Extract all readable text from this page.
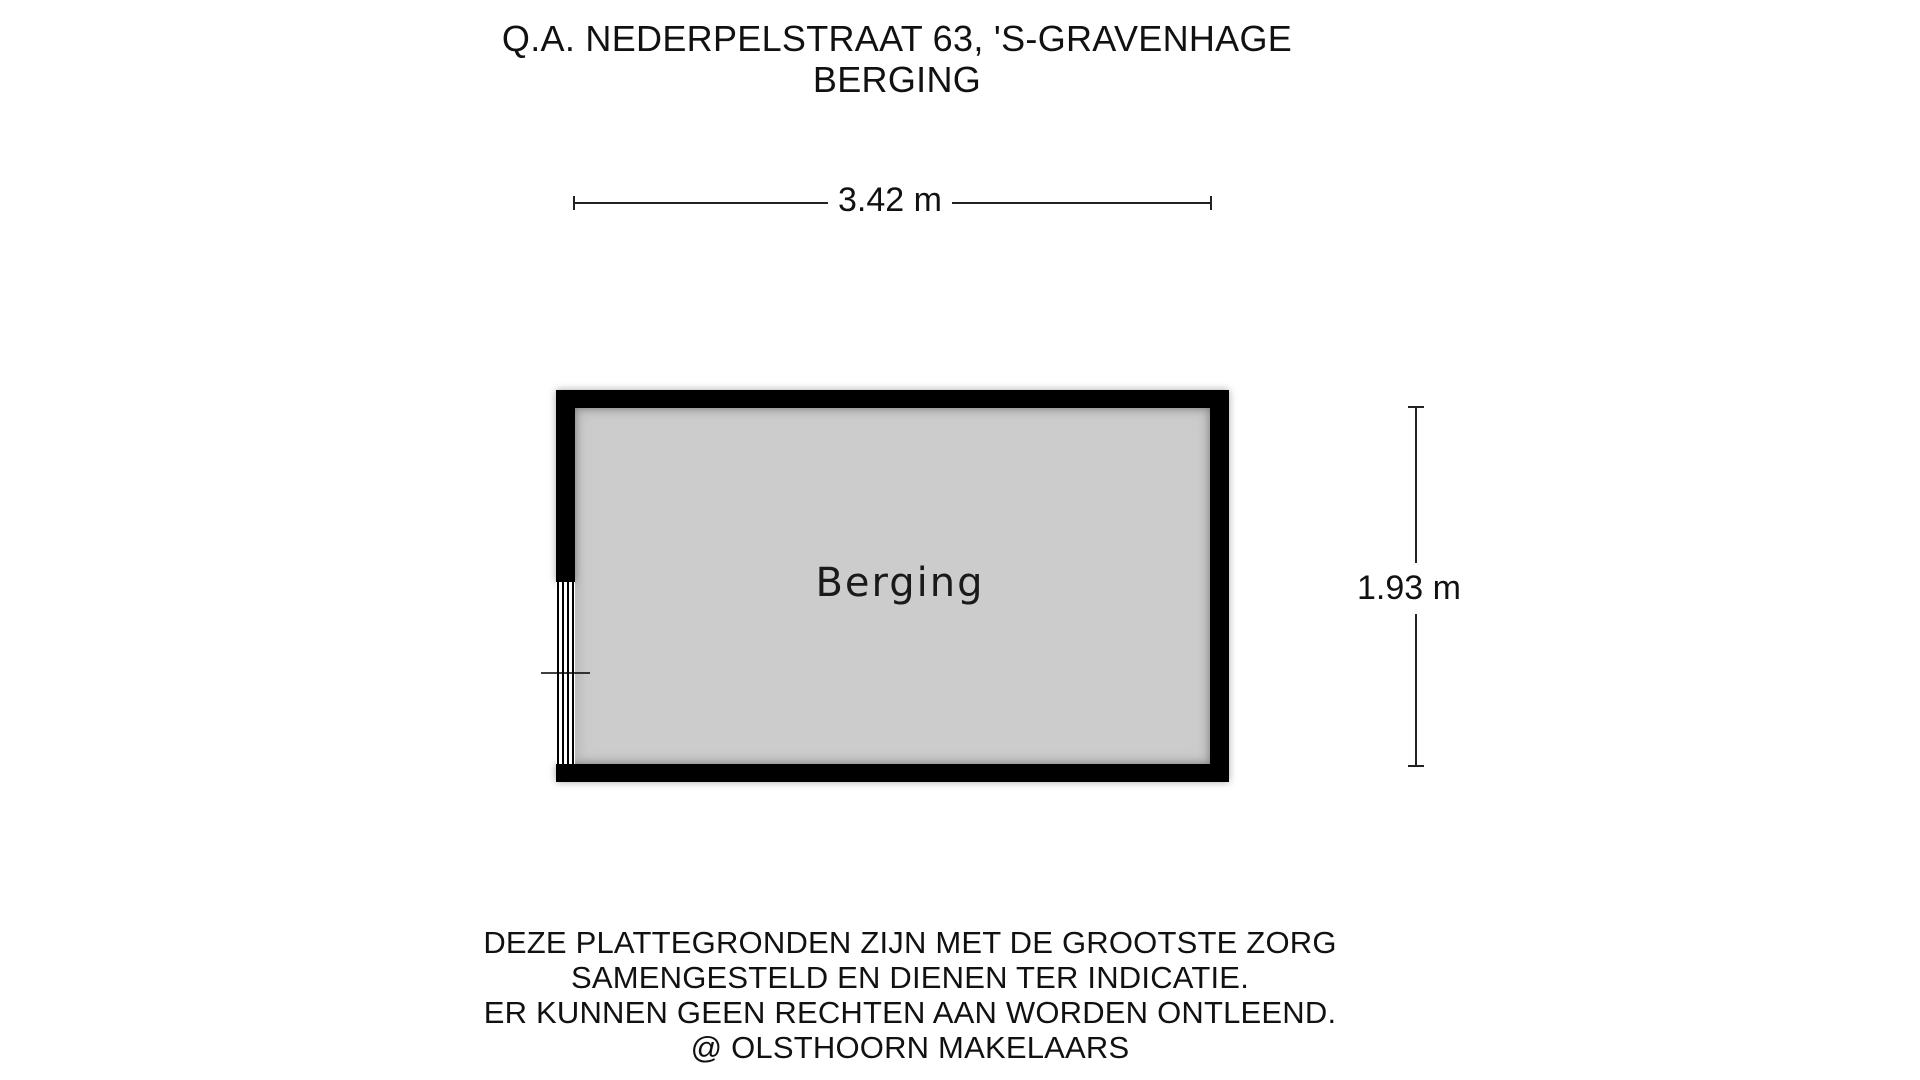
Q.A. NEDERPELSTRAAT 63, 'S-GRAVENHAGE
BERGING
3.42 m
1.93 m
Berging
DEZE PLATTEGRONDEN ZIJN MET DE GROOTSTE ZORG
SAMENGESTELD EN DIENEN TER INDICATIE.
ER KUNNEN GEEN RECHTEN AAN WORDEN ONTLEEND.
@ OLSTHOORN MAKELAARS
